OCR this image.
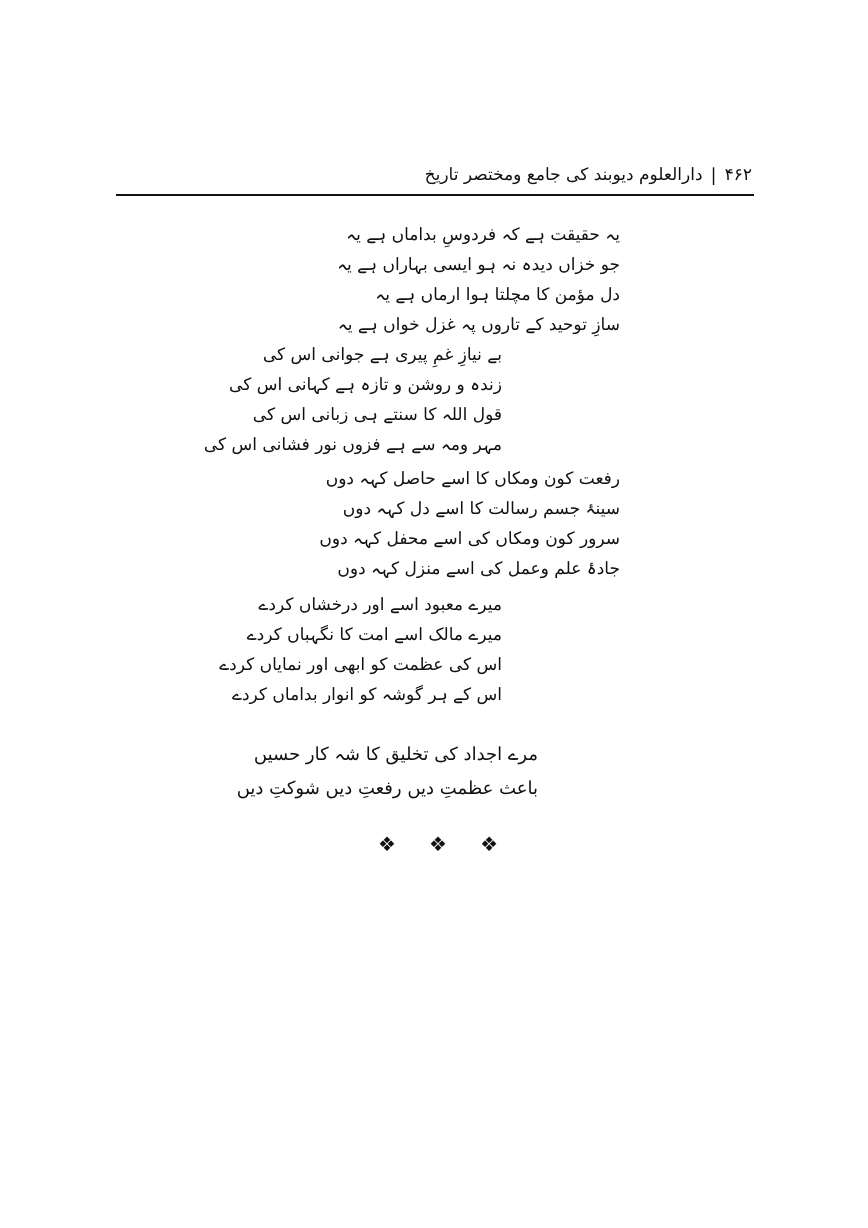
۴۶۲
|
دارالعلوم دیوبند کی جامع ومختصر تاریخ
یہ حقیقت ہے کہ فردوسِ بداماں ہے یہ
جو خزاں دیدہ نہ ہو ایسی بہاراں ہے یہ
دل مؤمن کا مچلتا ہوا ارماں ہے یہ
سازِ توحید کے تاروں پہ غزل خواں ہے یہ
بے نیازِ غمِ پیری ہے جوانی اس کی
زندہ و روشن و تازہ ہے کہانی اس کی
قول اللہ کا سنتے ہی زبانی اس کی
مہر ومہ سے ہے فزوں نور فشانی اس کی
رفعت کون ومکاں کا اسے حاصل کہہ دوں
سینۂ جسم رسالت کا اسے دل کہہ دوں
سرور کون ومکاں کی اسے محفل کہہ دوں
جادۂ علم وعمل کی اسے منزل کہہ دوں
میرے معبود اسے اور درخشاں کردے
میرے مالک اسے امت کا نگہباں کردے
اس کی عظمت کو ابھی اور نمایاں کردے
اس کے ہر گوشہ کو انوار بداماں کردے
مرے اجداد کی تخلیق کا شہ کار حسیں
باعث عظمتِ دیں رفعتِ دیں شوکتِ دیں
❖ ❖ ❖
